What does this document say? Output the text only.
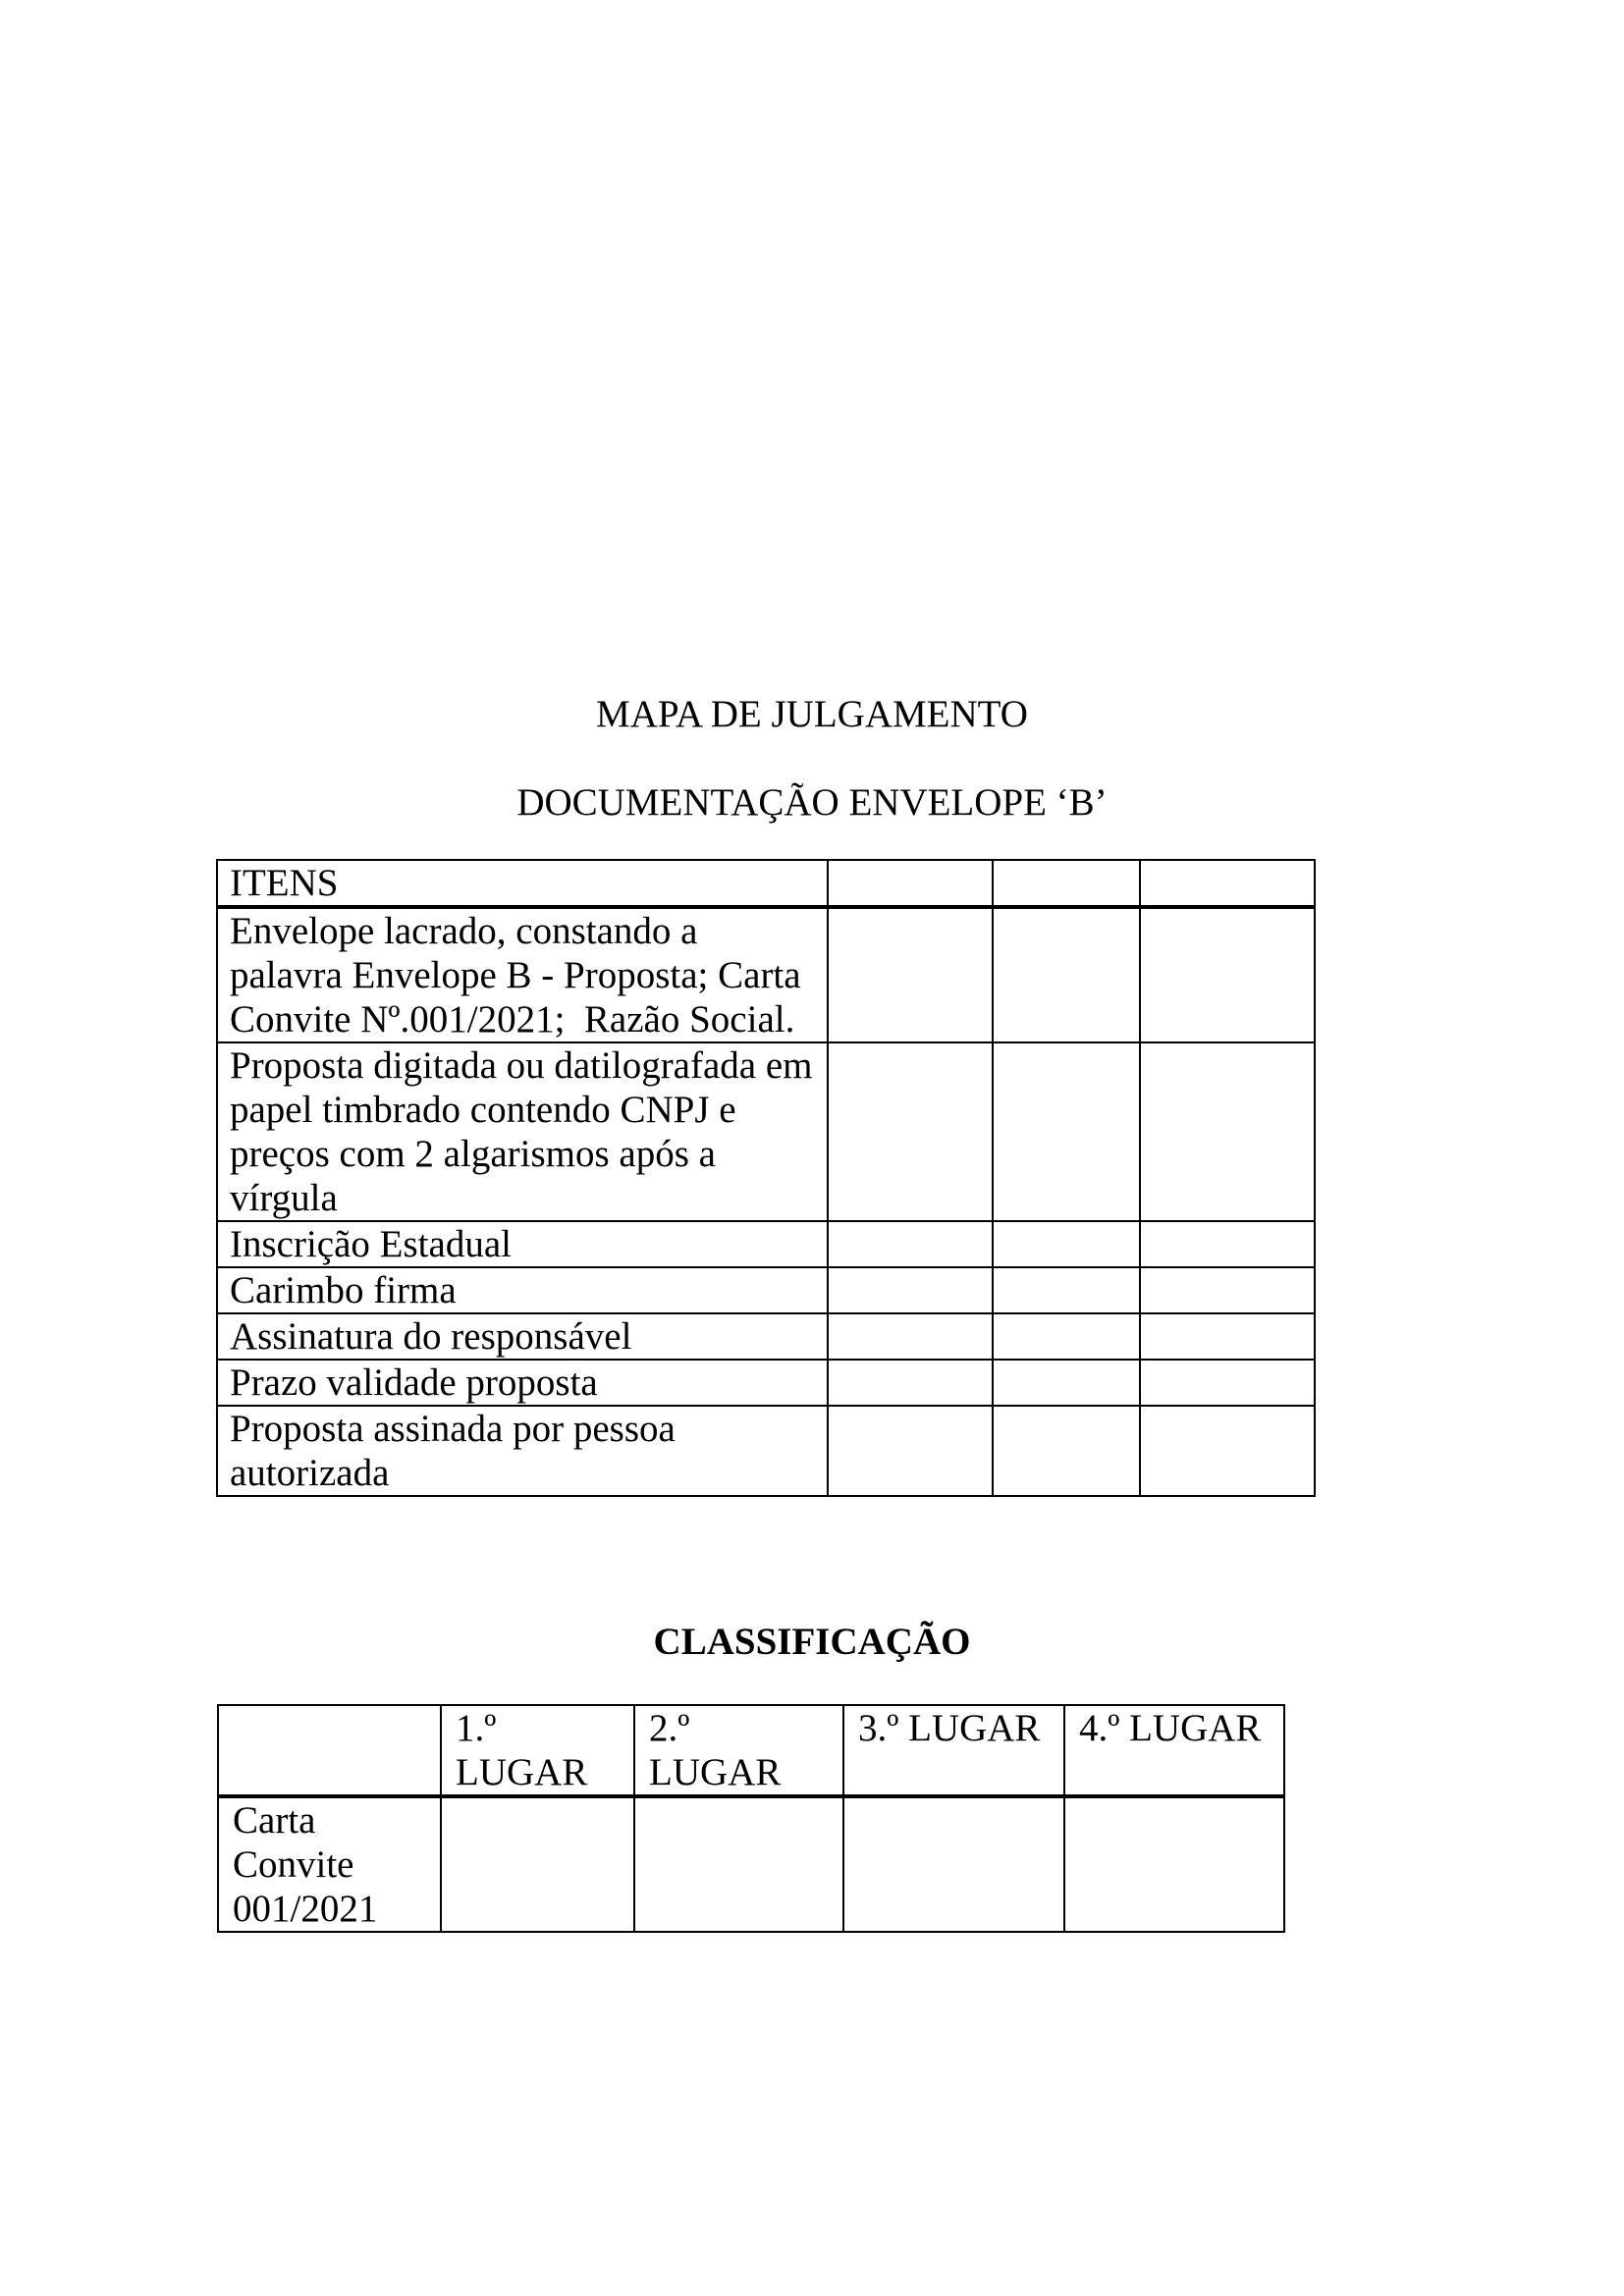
MAPA DE JULGAMENTO

DOCUMENTAÇÃO ENVELOPE ‘B’

ITENS			
Envelope lacrado, constando a palavra Envelope B - Proposta; Carta Convite Nº.001/2021;  Razão Social.			
Proposta digitada ou datilografada em papel timbrado contendo CNPJ e preços com 2 algarismos após a vírgula			
Inscrição Estadual			
Carimbo firma			
Assinatura do responsável			
Prazo validade proposta			
Proposta assinada por pessoa autorizada			

CLASSIFICAÇÃO

	1.º LUGAR	2.º LUGAR	3.º LUGAR	4.º LUGAR
Carta Convite 001/2021				
